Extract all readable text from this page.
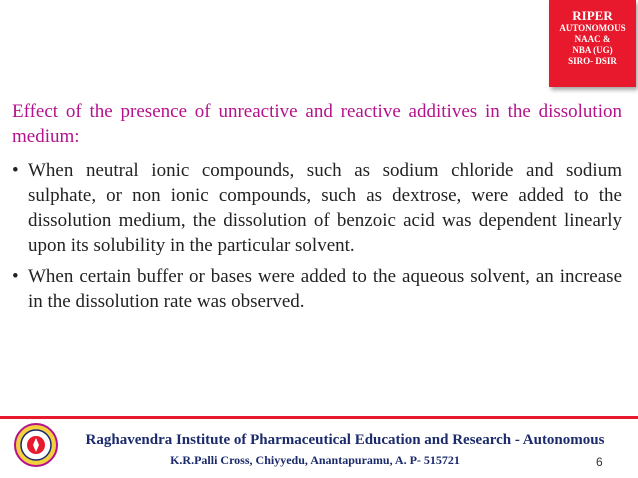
RIPER
AUTONOMOUS
NAAC &
NBA (UG)
SIRO- DSIR
Effect of the presence of unreactive and reactive additives in the dissolution medium:
• When neutral ionic compounds, such as sodium chloride and sodium sulphate, or non ionic compounds, such as dextrose, were added to the dissolution medium, the dissolution of benzoic acid was dependent linearly upon its solubility in the particular solvent.
• When certain buffer or bases were added to the aqueous solvent, an increase in the dissolution rate was observed.
Raghavendra Institute of Pharmaceutical Education and Research - Autonomous
K.R.Palli Cross, Chiyyedu, Anantapuramu, A. P- 515721	6
